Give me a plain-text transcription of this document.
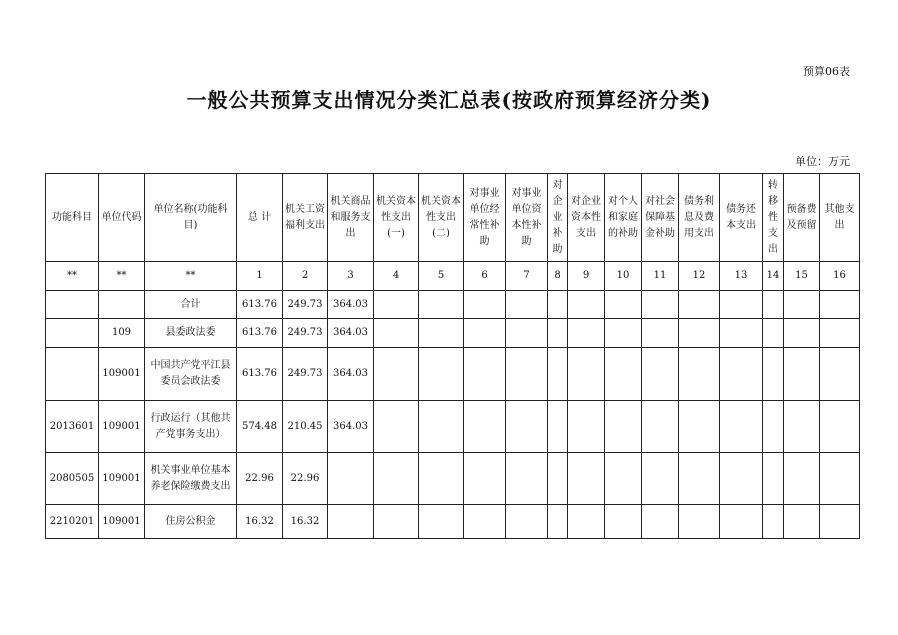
预算06表
一般公共预算支出情况分类汇总表(按政府预算经济分类)
单位：万元
功能科目	单位代码	单位名称(功能科目)	总 计	机关工资福利支出	机关商品和服务支出	机关资本性支出(一)	机关资本性支出(二)	对事业单位经常性补助	对事业单位资本性补助	对企业补助	对企业资本性支出	对个人和家庭的补助	对社会保障基金补助	债务利息及费用支出	债务还本支出	转移性支出	预备费及预留	其他支出
**	**	**	1	2	3	4	5	6	7	8	9	10	11	12	13	14	15	16
		合计	613.76	249.73	364.03													
	109	县委政法委	613.76	249.73	364.03													
	109001	中国共产党平江县委员会政法委	613.76	249.73	364.03													
2013601	109001	行政运行（其他共产党事务支出）	574.48	210.45	364.03													
2080505	109001	机关事业单位基本养老保险缴费支出	22.96	22.96														
2210201	109001	住房公积金	16.32	16.32														
